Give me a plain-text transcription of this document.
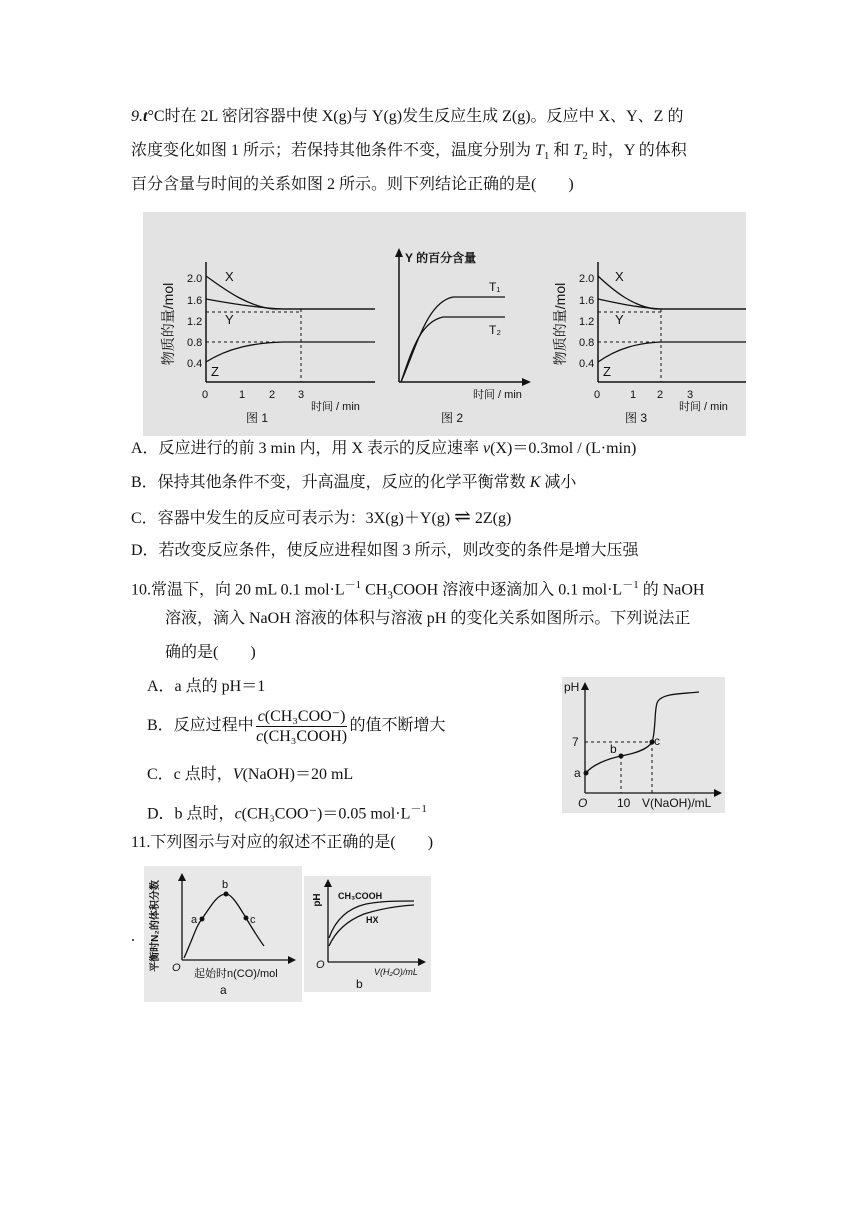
9.t°C时在 2L 密闭容器中使 X(g)与 Y(g)发生反应生成 Z(g)。反应中 X、Y、Z 的
浓度变化如图 1 所示；若保持其他条件不变，温度分别为 $T_1$ 和 $T_2$ 时，Y 的体积
百分含量与时间的关系如图 2 所示。则下列结论正确的是(　　)
物质的量/mol
2.0
1.6
1.2
0.8
0.4
0	1 2 3
X
Y
Z
时间 / min
图 1
Y 的百分含量
T₁
T₂
时间 / min
图 2
物质的量/mol
2.0
1.6
1.2
0.8
0.4
0	1 2 3
X
Y
Z
时间 / min
图 3
A．反应进行的前 3 min 内，用 X 表示的反应速率 v(X)＝0.3mol / (L·min)
B．保持其他条件不变，升高温度，反应的化学平衡常数 K 减小
C．容器中发生的反应可表示为：3X(g)＋Y(g) ⇌ 2Z(g)
D．若改变反应条件，使反应进程如图 3 所示，则改变的条件是增大压强
10.常温下，向 20 mL 0.1 $mol\cdot L^{-1}$ $CH_3COOH$ 溶液中逐滴加入 0.1 $mol\cdot L^{-1}$ 的 NaOH
溶液，滴入 NaOH 溶液的体积与溶液 pH 的变化关系如图所示。下列说法正
确的是(　　)
A．a 点的 pH＝1
B．反应过程中 $\frac{\text{c(CH₃COO⁻)}}{\text{c(CH₃COOH)}}$ 的值不断增大
C．c 点时，V(NaOH)＝20 mL
D．b 点时，c(CH₃COO⁻)＝0.05 $mol\cdot L^{-1}$
pH
7
O 10 V(NaOH)/mL
a
b
c
11.下列图示与对应的叙述不正确的是(　　)
. 平衡时N₂的体积分数	a
b
c
O 起始时n(CO)/mol
a
pH CH₃COOH
HX
O
V(H₂O)/mL
b
